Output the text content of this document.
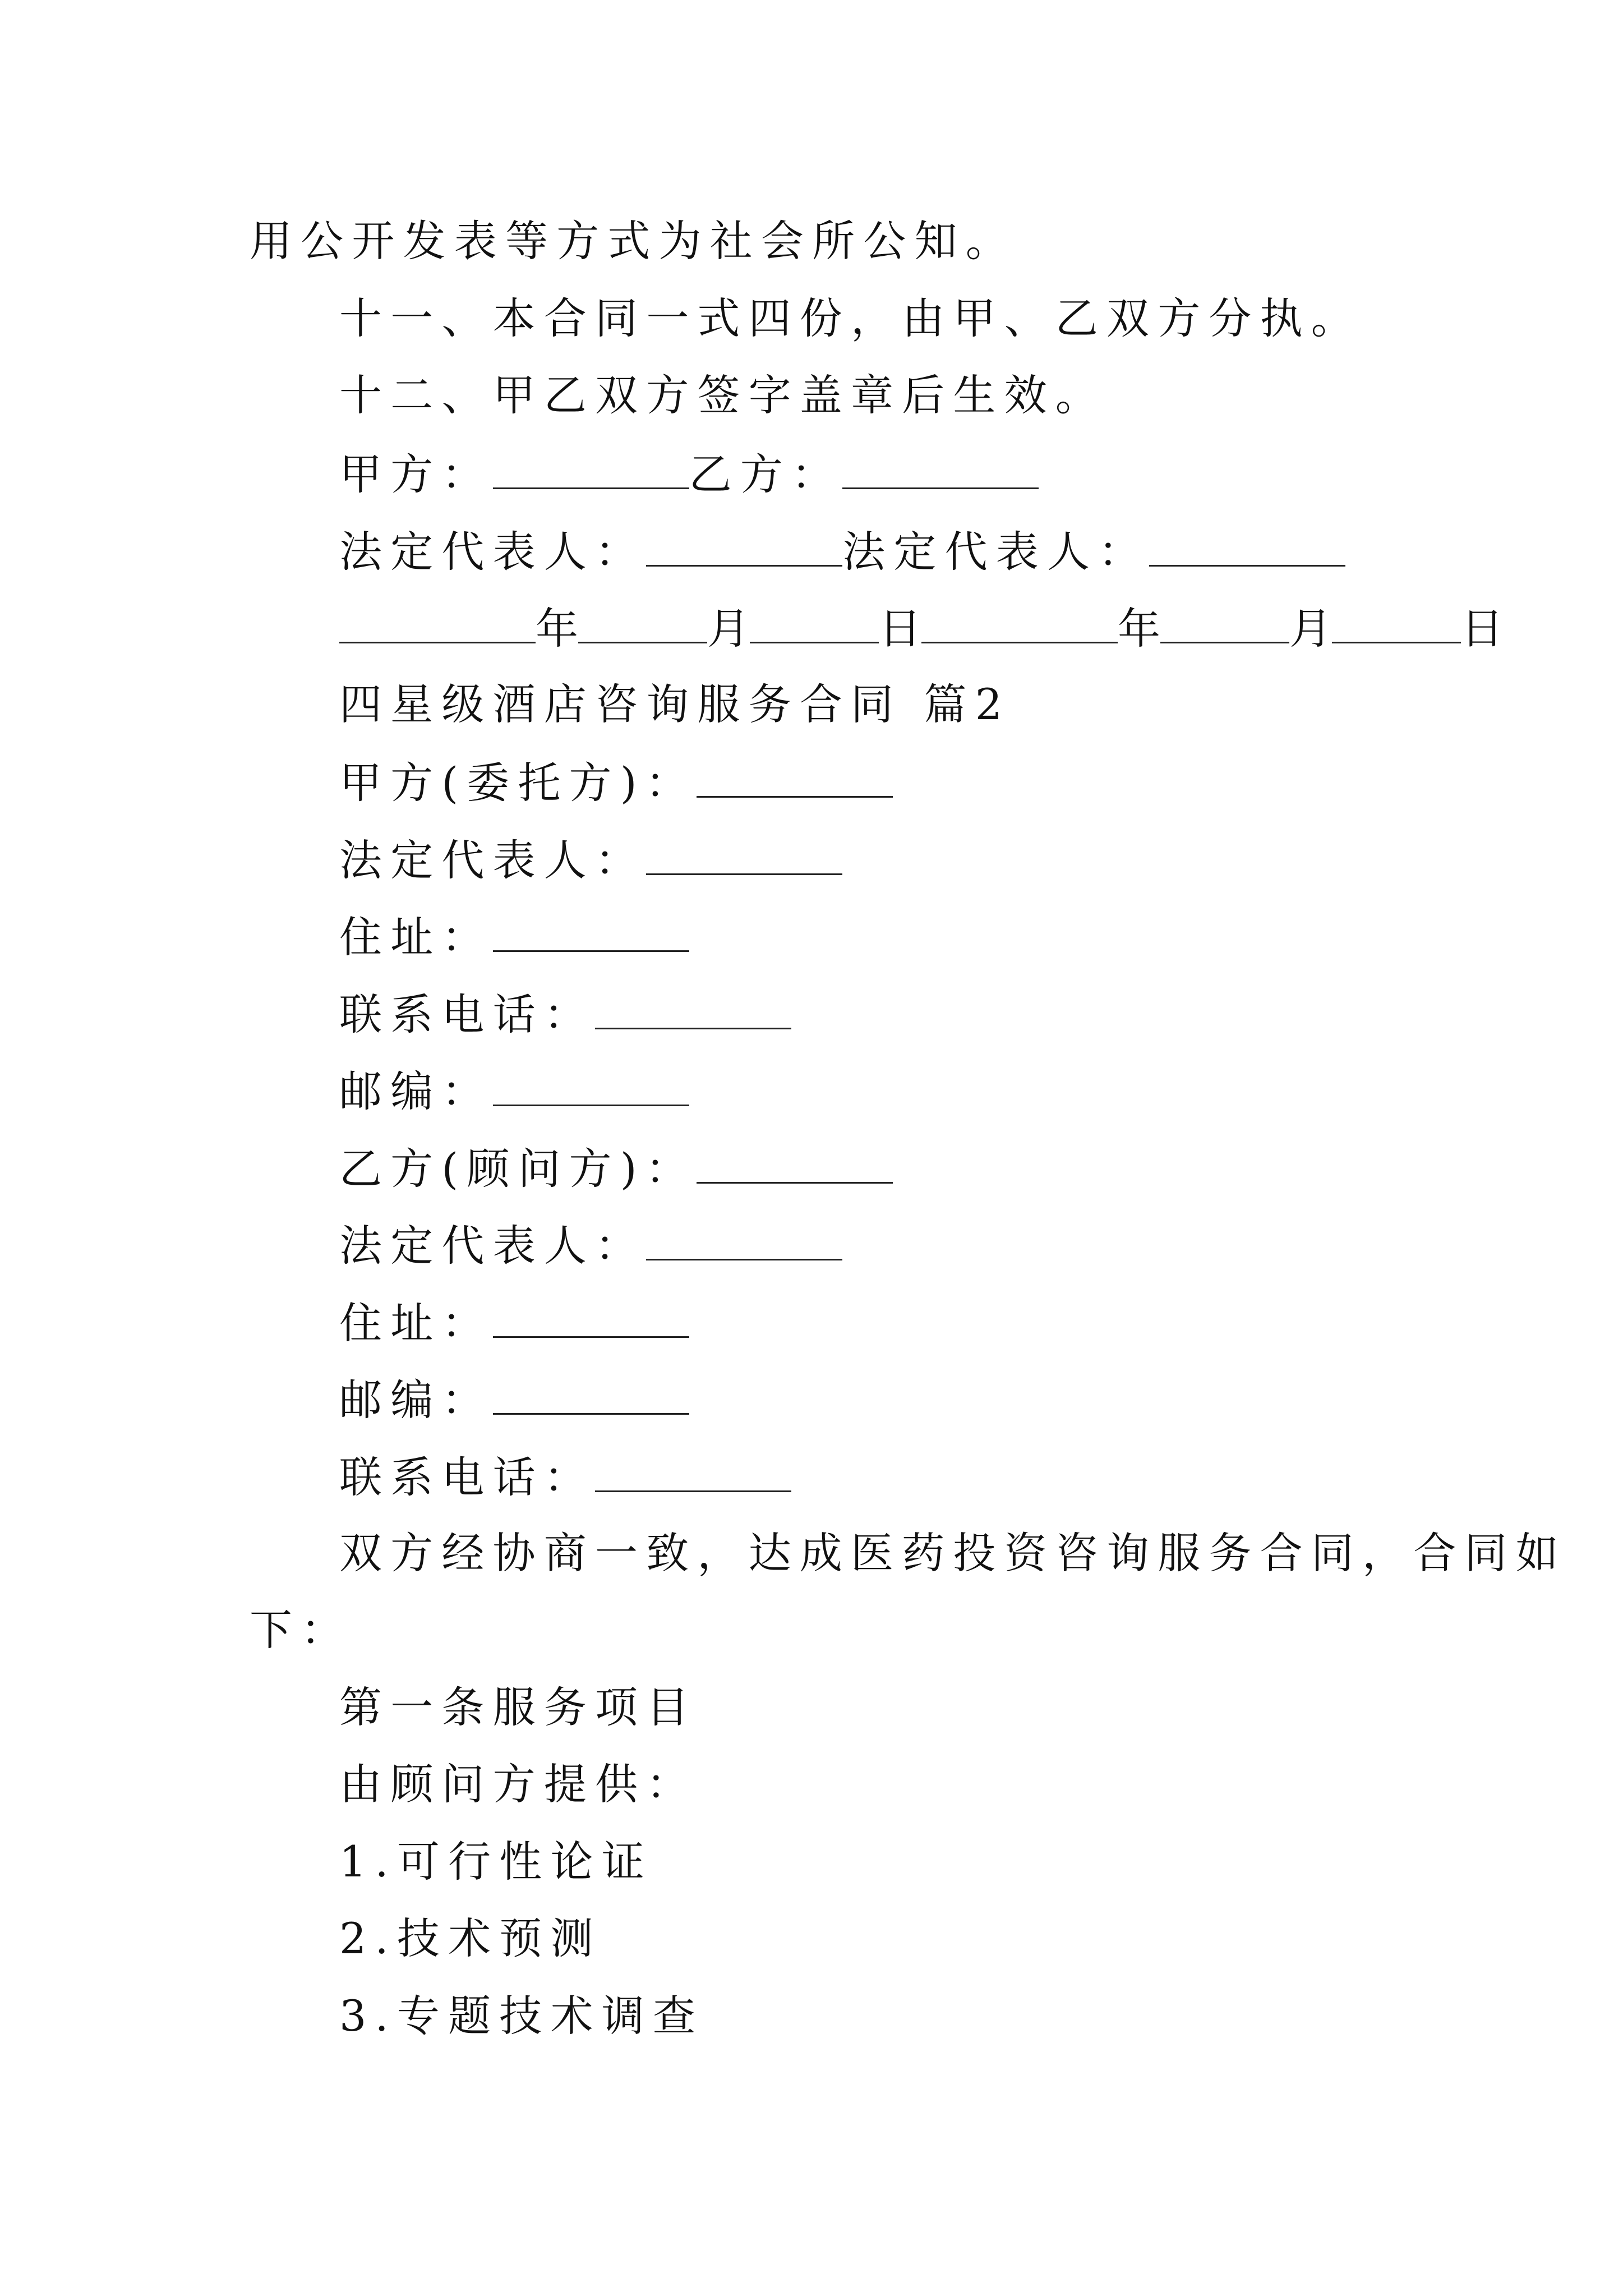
用公开发表等方式为社会所公知。
十一、本合同一式四份，由甲、乙双方分执。
十二、甲乙双方签字盖章后生效。
甲方：	乙方：
法定代表人：	法定代表人：
年	月	日	年	月	日
四星级酒店咨询服务合同 篇2
甲方(委托方)：
法定代表人：
住址：
联系电话：
邮编：
乙方(顾问方)：
法定代表人：
住址：
邮编：
联系电话：
双方经协商一致，达成医药投资咨询服务合同，合同如
下：
第一条服务项目
由顾问方提供：
1.可行性论证
2.技术预测
3.专题技术调查
